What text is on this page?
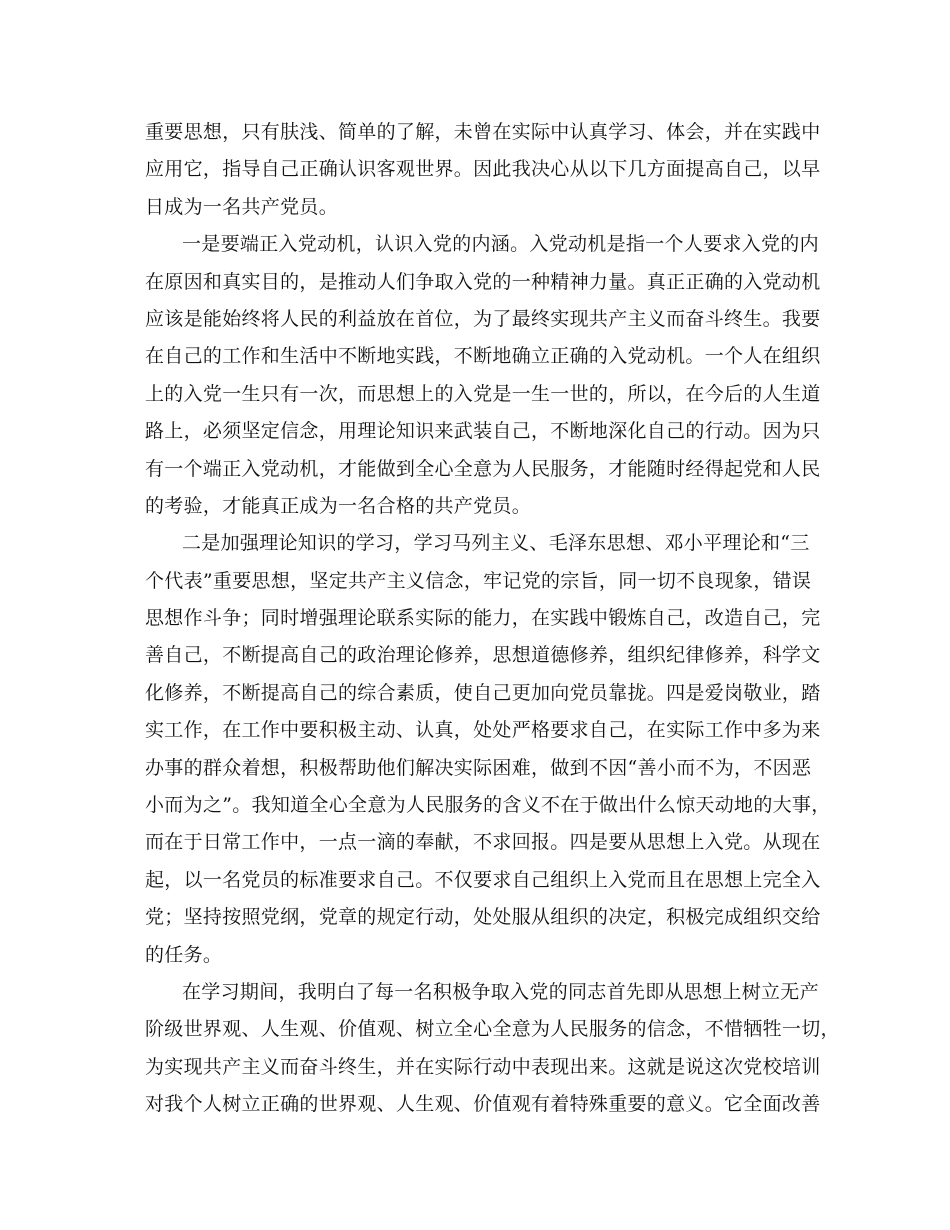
重要思想，只有肤浅、简单的了解，未曾在实际中认真学习、体会，并在实践中
应用它，指导自己正确认识客观世界。因此我决心从以下几方面提高自己，以早
日成为一名共产党员。
一是要端正入党动机，认识入党的内涵。入党动机是指一个人要求入党的内
在原因和真实目的，是推动人们争取入党的一种精神力量。真正正确的入党动机
应该是能始终将人民的利益放在首位，为了最终实现共产主义而奋斗终生。我要
在自己的工作和生活中不断地实践，不断地确立正确的入党动机。一个人在组织
上的入党一生只有一次，而思想上的入党是一生一世的，所以，在今后的人生道
路上，必须坚定信念，用理论知识来武装自己，不断地深化自己的行动。因为只
有一个端正入党动机，才能做到全心全意为人民服务，才能随时经得起党和人民
的考验，才能真正成为一名合格的共产党员。
二是加强理论知识的学习，学习马列主义、毛泽东思想、邓小平理论和“三
个代表”重要思想，坚定共产主义信念，牢记党的宗旨，同一切不良现象，错误
思想作斗争；同时增强理论联系实际的能力，在实践中锻炼自己，改造自己，完
善自己，不断提高自己的政治理论修养，思想道德修养，组织纪律修养，科学文
化修养，不断提高自己的综合素质，使自己更加向党员靠拢。四是爱岗敬业，踏
实工作，在工作中要积极主动、认真，处处严格要求自己，在实际工作中多为来
办事的群众着想，积极帮助他们解决实际困难，做到不因“善小而不为，不因恶
小而为之”。我知道全心全意为人民服务的含义不在于做出什么惊天动地的大事，
而在于日常工作中，一点一滴的奉献，不求回报。四是要从思想上入党。从现在
起，以一名党员的标准要求自己。不仅要求自己组织上入党而且在思想上完全入
党；坚持按照党纲，党章的规定行动，处处服从组织的决定，积极完成组织交给
的任务。
在学习期间，我明白了每一名积极争取入党的同志首先即从思想上树立无产
阶级世界观、人生观、价值观、树立全心全意为人民服务的信念，不惜牺牲一切，
为实现共产主义而奋斗终生，并在实际行动中表现出来。这就是说这次党校培训
对我个人树立正确的世界观、人生观、价值观有着特殊重要的意义。它全面改善
